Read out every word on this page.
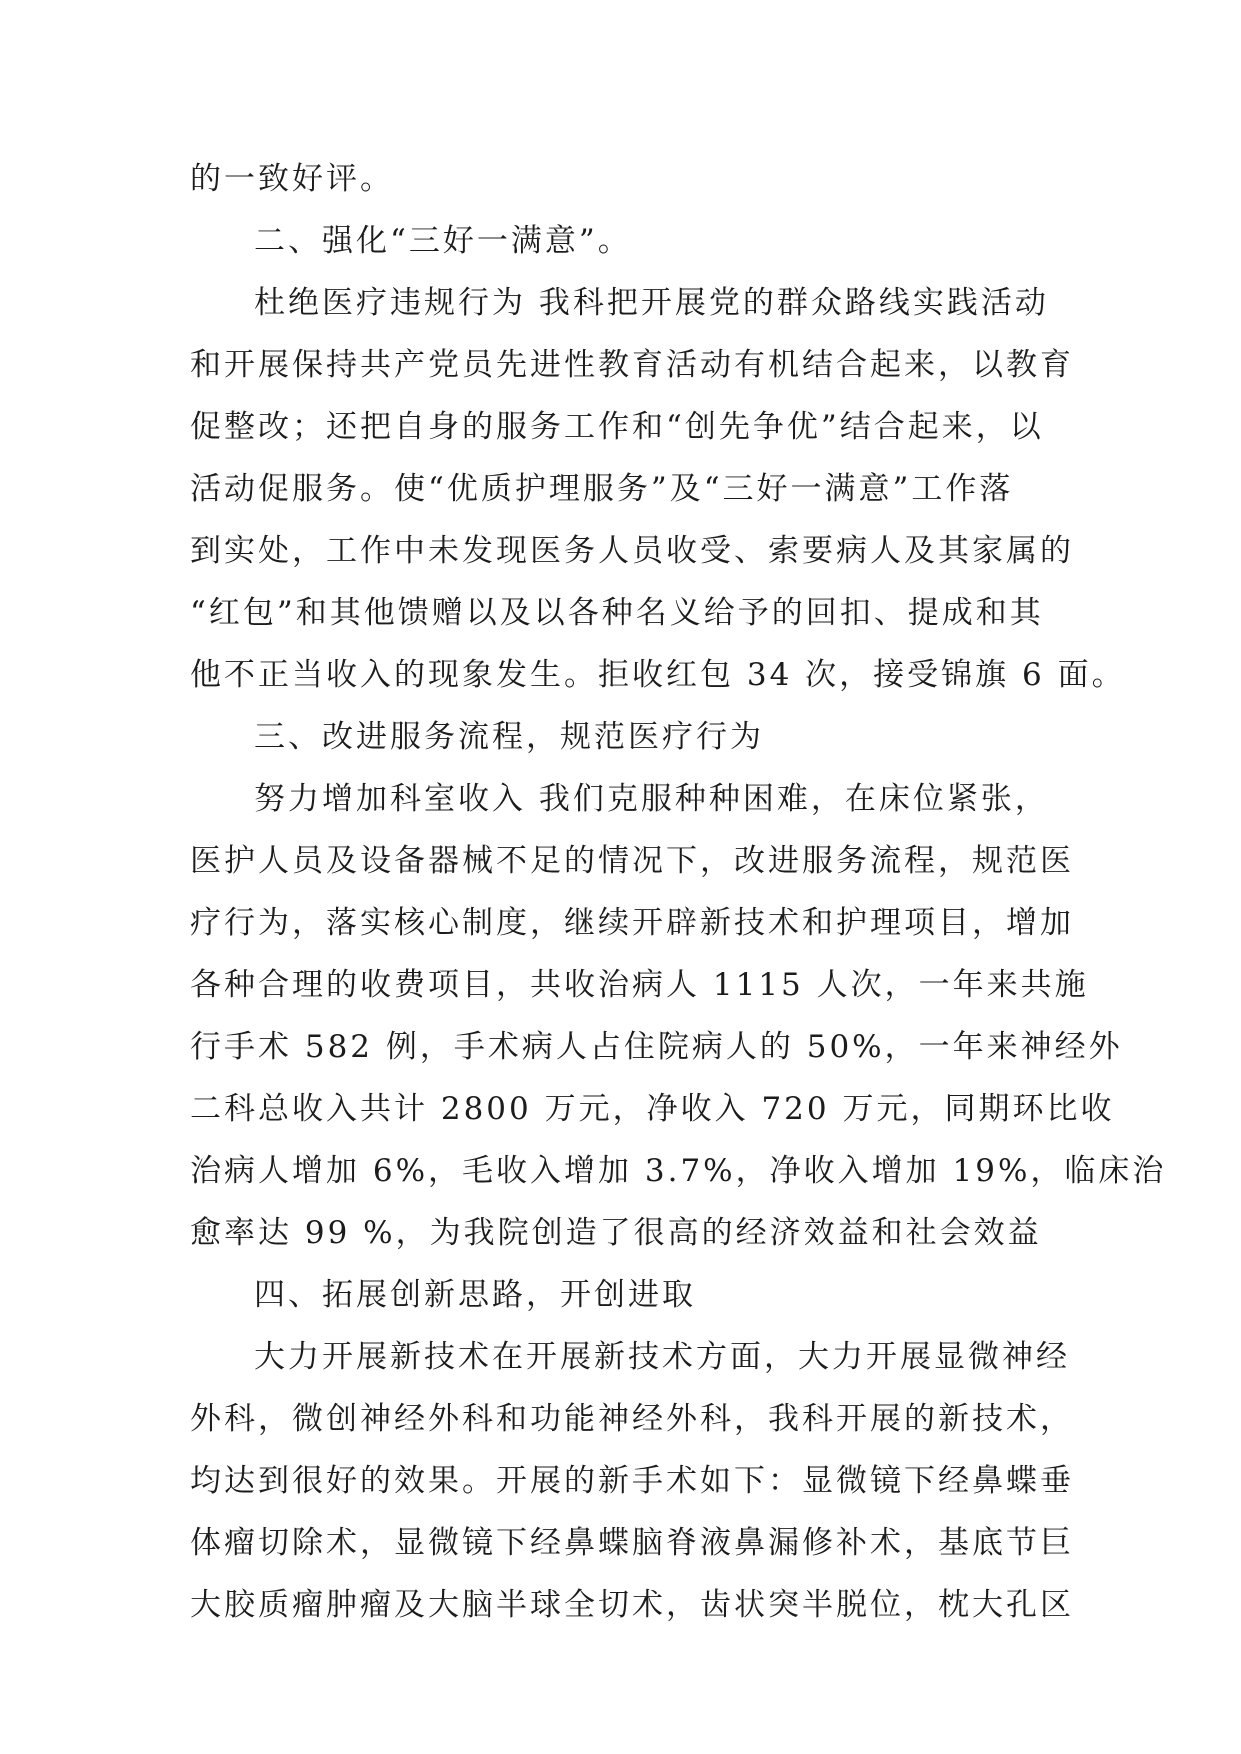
的一致好评。
二、强化“三好一满意”。
杜绝医疗违规行为 我科把开展党的群众路线实践活动
和开展保持共产党员先进性教育活动有机结合起来，以教育
促整改；还把自身的服务工作和“创先争优”结合起来，以
活动促服务。使“优质护理服务”及“三好一满意”工作落
到实处，工作中未发现医务人员收受、索要病人及其家属的
“红包”和其他馈赠以及以各种名义给予的回扣、提成和其
他不正当收入的现象发生。拒收红包 34 次，接受锦旗 6 面。
三、改进服务流程，规范医疗行为
努力增加科室收入 我们克服种种困难，在床位紧张，
医护人员及设备器械不足的情况下，改进服务流程，规范医
疗行为，落实核心制度，继续开辟新技术和护理项目，增加
各种合理的收费项目，共收治病人 1115 人次，一年来共施
行手术 582 例，手术病人占住院病人的 50%，一年来神经外
二科总收入共计 2800 万元，净收入 720 万元，同期环比收
治病人增加 6%，毛收入增加 3.7%，净收入增加 19%，临床治
愈率达 99 %，为我院创造了很高的经济效益和社会效益
四、拓展创新思路，开创进取
大力开展新技术在开展新技术方面，大力开展显微神经
外科，微创神经外科和功能神经外科，我科开展的新技术，
均达到很好的效果。开展的新手术如下：显微镜下经鼻蝶垂
体瘤切除术，显微镜下经鼻蝶脑脊液鼻漏修补术，基底节巨
大胶质瘤肿瘤及大脑半球全切术，齿状突半脱位，枕大孔区
